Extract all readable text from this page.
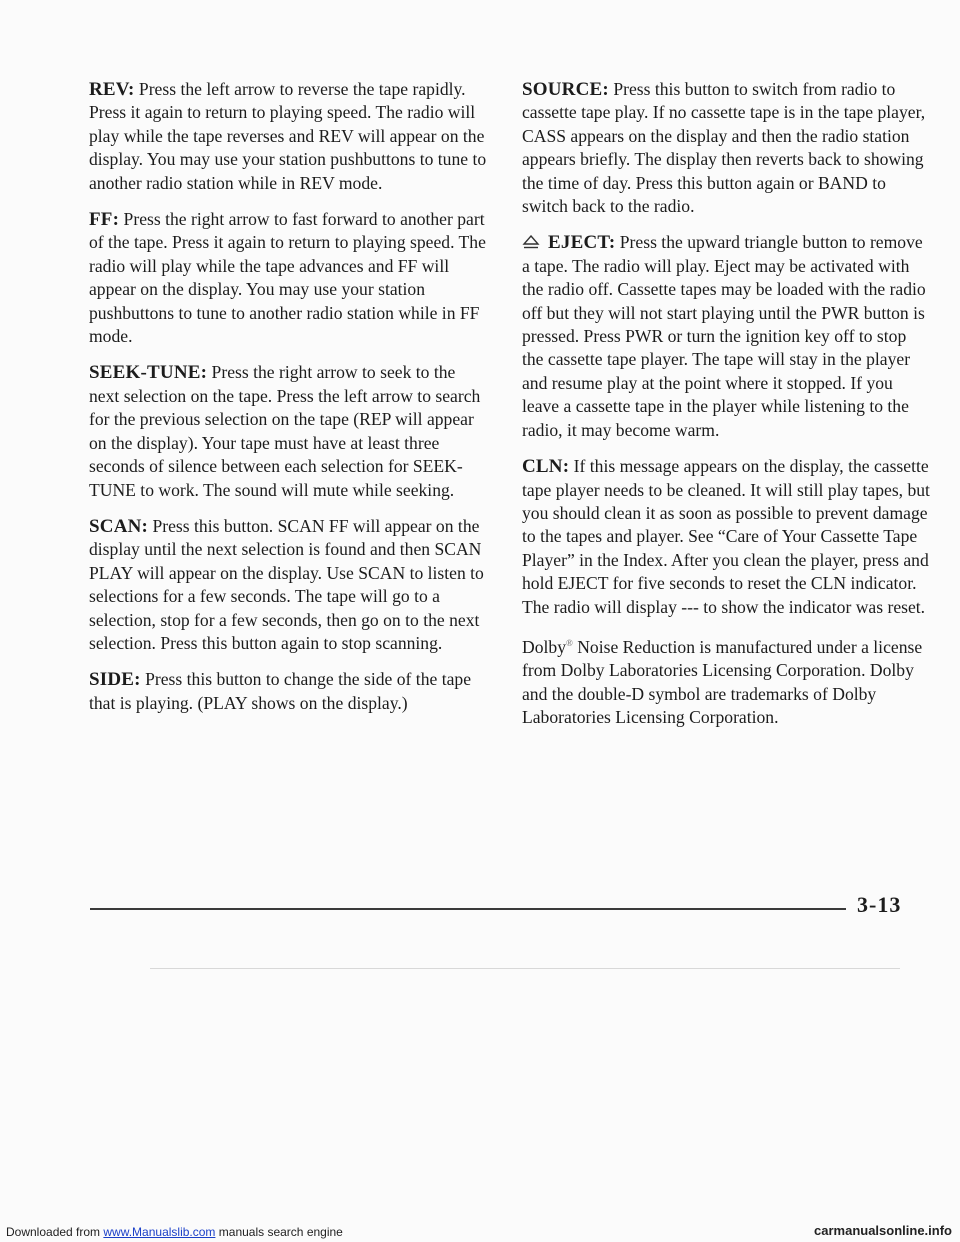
REV: Press the left arrow to reverse the tape rapidly. Press it again to return to playing speed. The radio will play while the tape reverses and REV will appear on the display. You may use your station pushbuttons to tune to another radio station while in REV mode.

FF: Press the right arrow to fast forward to another part of the tape. Press it again to return to playing speed. The radio will play while the tape advances and FF will appear on the display. You may use your station pushbuttons to tune to another radio station while in FF mode.

SEEK-TUNE: Press the right arrow to seek to the next selection on the tape. Press the left arrow to search for the previous selection on the tape (REP will appear on the display). Your tape must have at least three seconds of silence between each selection for SEEK-TUNE to work. The sound will mute while seeking.

SCAN: Press this button. SCAN FF will appear on the display until the next selection is found and then SCAN PLAY will appear on the display. Use SCAN to listen to selections for a few seconds. The tape will go to a selection, stop for a few seconds, then go on to the next selection. Press this button again to stop scanning.

SIDE: Press this button to change the side of the tape that is playing. (PLAY shows on the display.)

SOURCE: Press this button to switch from radio to cassette tape play. If no cassette tape is in the tape player, CASS appears on the display and then the radio station appears briefly. The display then reverts back to showing the time of day. Press this button again or BAND to switch back to the radio.

EJECT: Press the upward triangle button to remove a tape. The radio will play. Eject may be activated with the radio off. Cassette tapes may be loaded with the radio off but they will not start playing until the PWR button is pressed. Press PWR or turn the ignition key off to stop the cassette tape player. The tape will stay in the player and resume play at the point where it stopped. If you leave a cassette tape in the player while listening to the radio, it may become warm.

CLN: If this message appears on the display, the cassette tape player needs to be cleaned. It will still play tapes, but you should clean it as soon as possible to prevent damage to the tapes and player. See “Care of Your Cassette Tape Player” in the Index. After you clean the player, press and hold EJECT for five seconds to reset the CLN indicator. The radio will display --- to show the indicator was reset.

Dolby® Noise Reduction is manufactured under a license from Dolby Laboratories Licensing Corporation. Dolby and the double-D symbol are trademarks of Dolby Laboratories Licensing Corporation.

3-13
Downloaded from www.Manualslib.com manuals search engine	carmanualsonline.info
